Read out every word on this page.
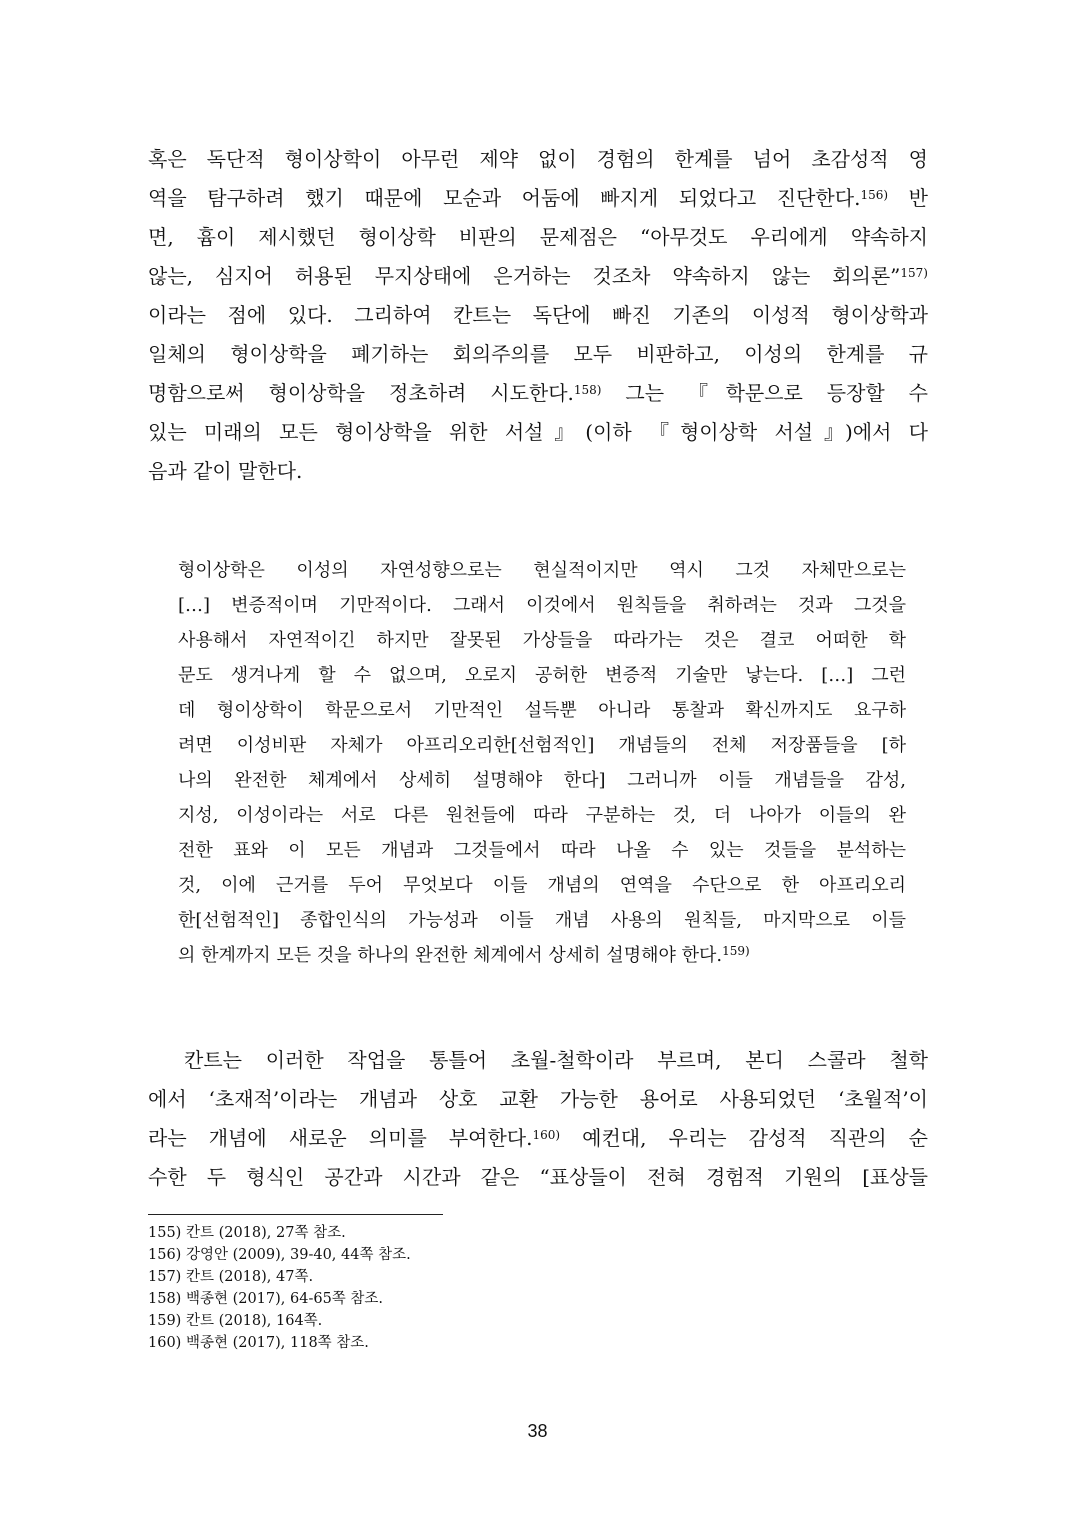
혹은 독단적 형이상학이 아무런 제약 없이 경험의 한계를 넘어 초감성적 영
역을 탐구하려 했기 때문에 모순과 어둠에 빠지게 되었다고 진단한다.$^{156)}$ 반
면, 흄이 제시했던 형이상학 비판의 문제점은 “아무것도 우리에게 약속하지
않는, 심지어 허용된 무지상태에 은거하는 것조차 약속하지 않는 회의론”$^{157)}$
이라는 점에 있다. 그리하여 칸트는 독단에 빠진 기존의 이성적 형이상학과
일체의 형이상학을 폐기하는 회의주의를 모두 비판하고, 이성의 한계를 규
명함으로써 형이상학을 정초하려 시도한다.$^{158)}$ 그는 『학문으로 등장할 수
있는 미래의 모든 형이상학을 위한 서설』(이하 『형이상학 서설』)에서 다
음과 같이 말한다.
형이상학은 이성의 자연성향으로는 현실적이지만 역시 그것 자체만으로는
[…] 변증적이며 기만적이다. 그래서 이것에서 원칙들을 취하려는 것과 그것을
사용해서 자연적이긴 하지만 잘못된 가상들을 따라가는 것은 결코 어떠한 학
문도 생겨나게 할 수 없으며, 오로지 공허한 변증적 기술만 낳는다. […] 그런
데 형이상학이 학문으로서 기만적인 설득뿐 아니라 통찰과 확신까지도 요구하
려면 이성비판 자체가 아프리오리한[선험적인] 개념들의 전체 저장품들을 [하
나의 완전한 체계에서 상세히 설명해야 한다] 그러니까 이들 개념들을 감성,
지성, 이성이라는 서로 다른 원천들에 따라 구분하는 것, 더 나아가 이들의 완
전한 표와 이 모든 개념과 그것들에서 따라 나올 수 있는 것들을 분석하는
것, 이에 근거를 두어 무엇보다 이들 개념의 연역을 수단으로 한 아프리오리
한[선험적인] 종합인식의 가능성과 이들 개념 사용의 원칙들, 마지막으로 이들
의 한계까지 모든 것을 하나의 완전한 체계에서 상세히 설명해야 한다.$^{159)}$
칸트는 이러한 작업을 통틀어 초월-철학이라 부르며, 본디 스콜라 철학
에서 ‘초재적’이라는 개념과 상호 교환 가능한 용어로 사용되었던 ‘초월적’이
라는 개념에 새로운 의미를 부여한다.$^{160)}$ 예컨대, 우리는 감성적 직관의 순
수한 두 형식인 공간과 시간과 같은 “표상들이 전혀 경험적 기원의 [표상들
155) 칸트 (2018), 27쪽 참조.
156) 강영안 (2009), 39-40, 44쪽 참조.
157) 칸트 (2018), 47쪽.
158) 백종현 (2017), 64-65쪽 참조.
159) 칸트 (2018), 164쪽.
160) 백종현 (2017), 118쪽 참조.
38
